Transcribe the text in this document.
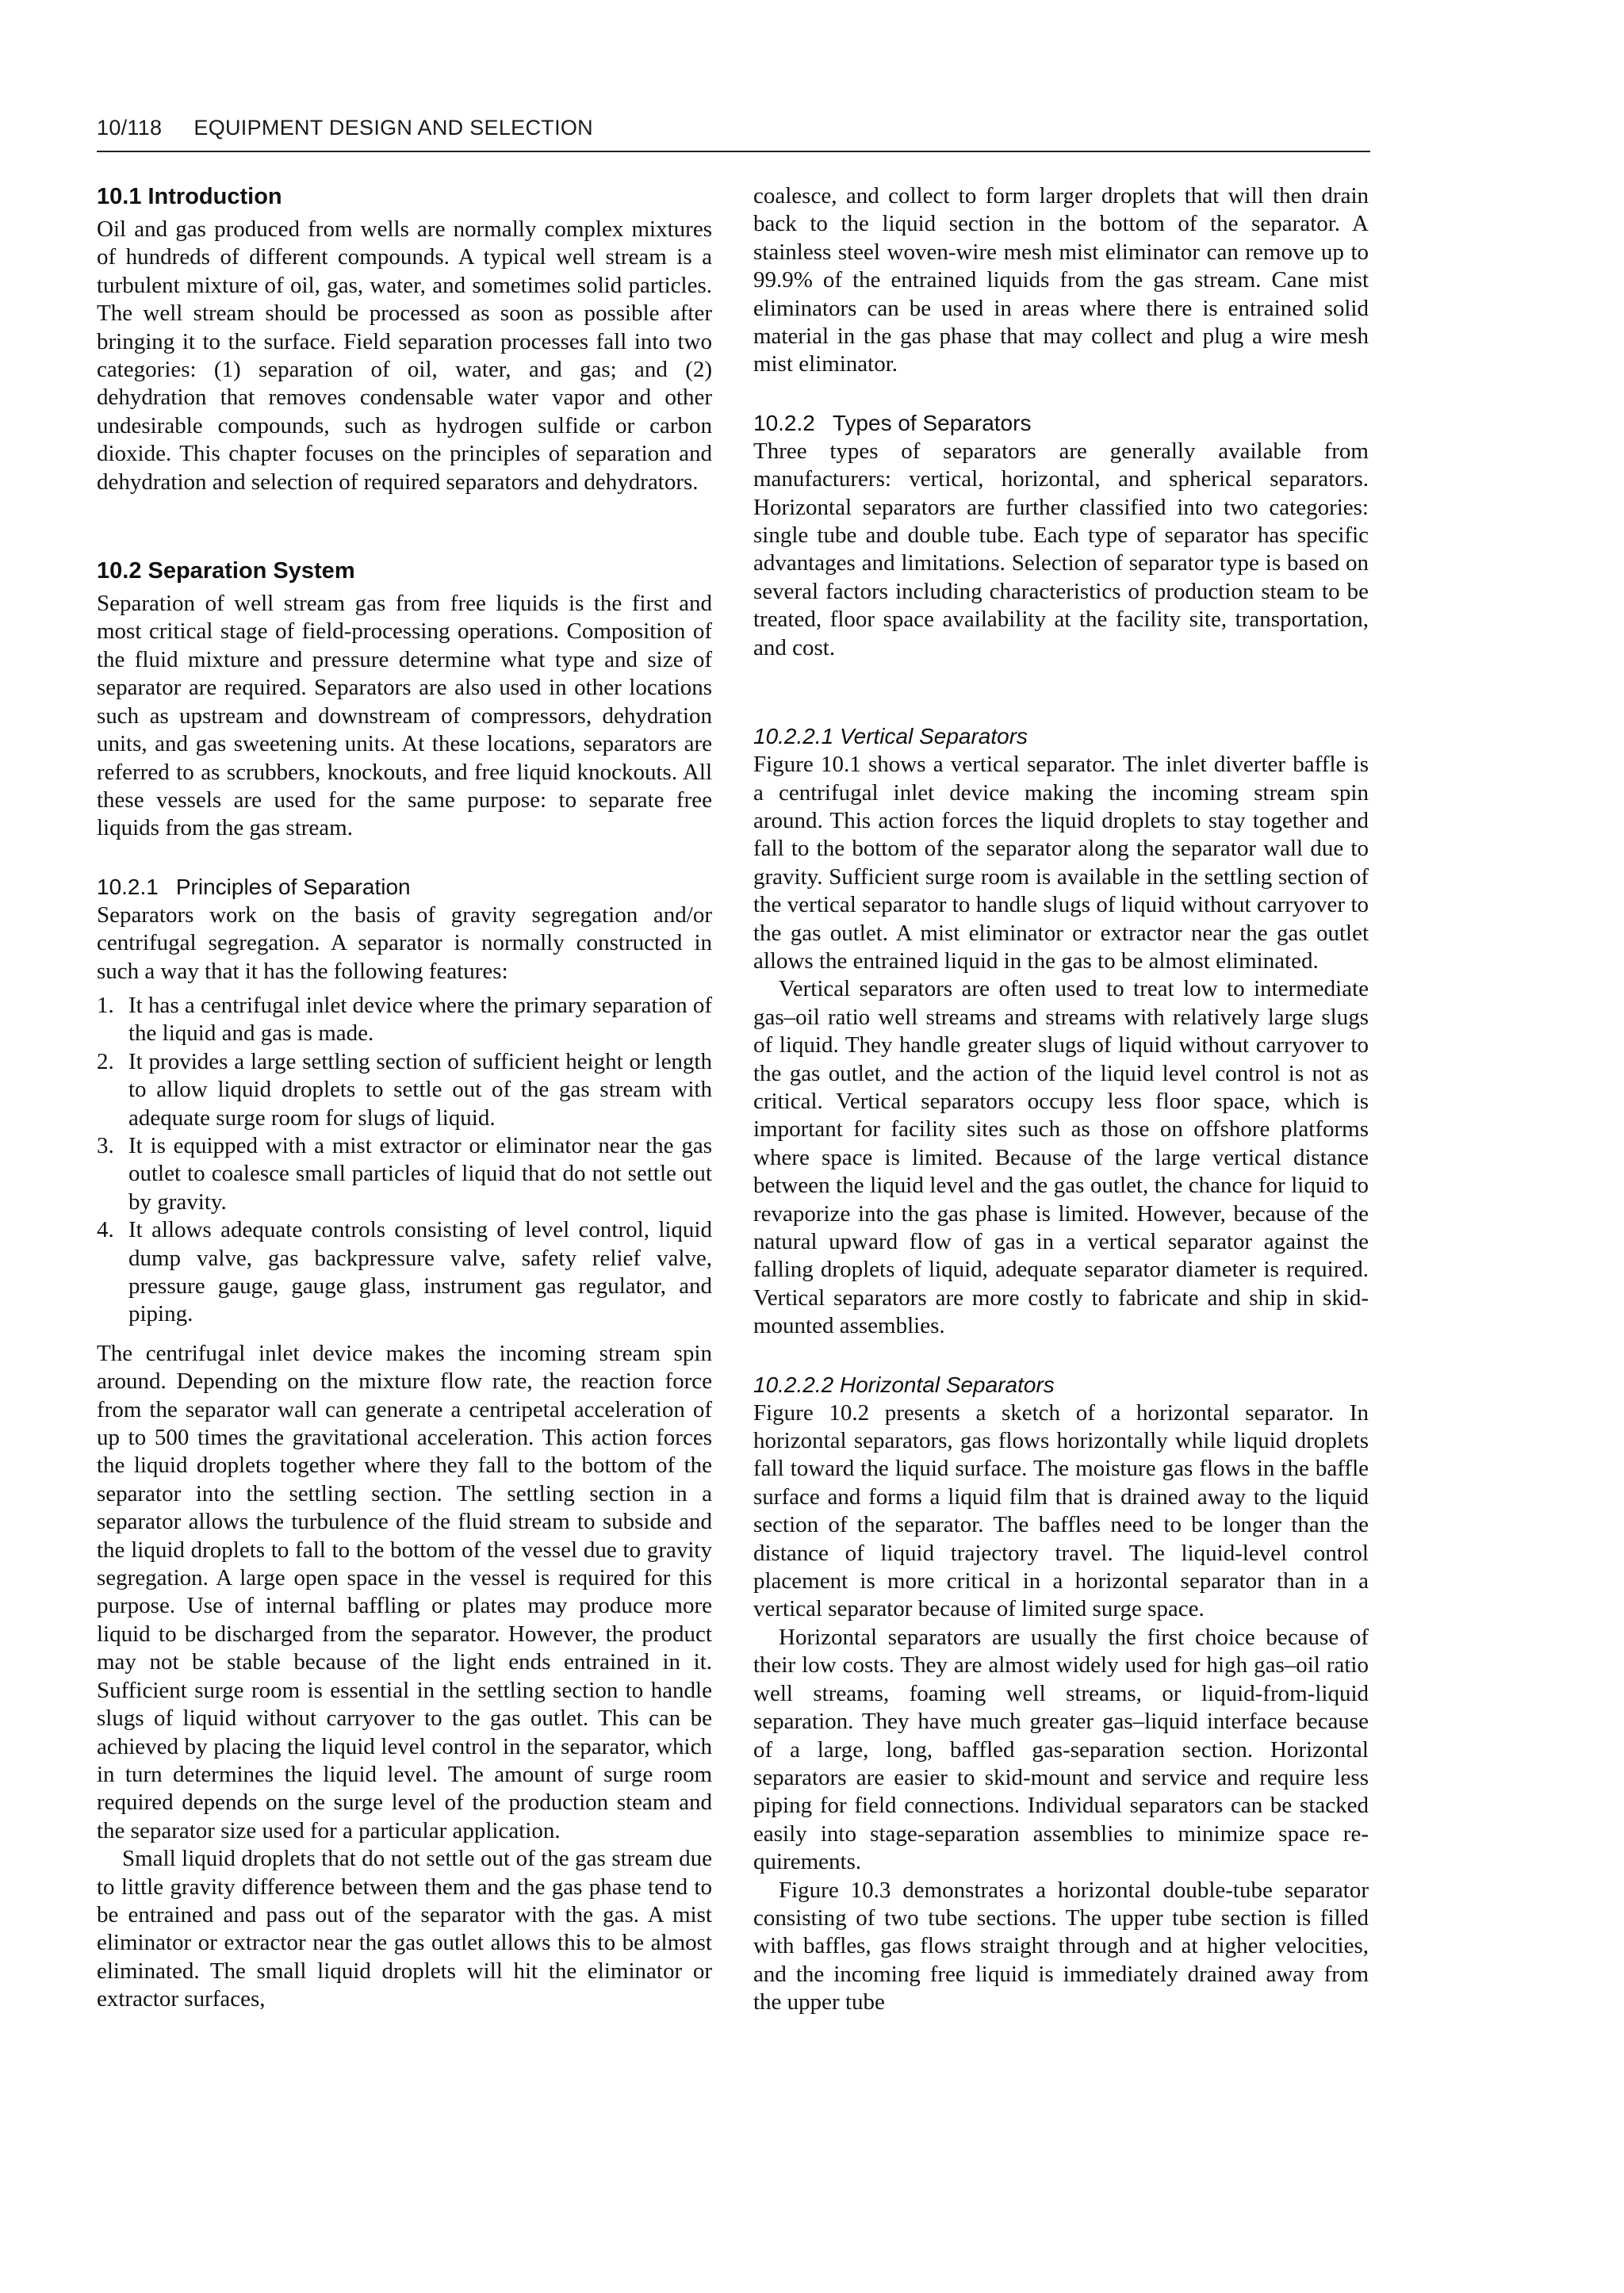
10/118 EQUIPMENT DESIGN AND SELECTION
10.1 Introduction

Oil and gas produced from wells are normally complex mixtures of hundreds of different compounds. A typical well stream is a turbulent mixture of oil, gas, water, and sometimes solid particles. The well stream should be processed as soon as possible after bringing it to the surface. Field separation processes fall into two categories: (1) separation of oil, water, and gas; and (2) dehydration that removes condensable water vapor and other undesirable compounds, such as hydrogen sulfide or carbon dioxide. This chapter focuses on the principles of separation and dehydration and selection of required separators and dehydrators.

10.2 Separation System

Separation of well stream gas from free liquids is the first and most critical stage of field-processing operations. Composition of the fluid mixture and pressure determine what type and size of separator are required. Separators are also used in other locations such as upstream and downstream of compressors, dehydration units, and gas sweetening units. At these locations, separators are referred to as scrubbers, knockouts, and free liquid knockouts. All these vessels are used for the same purpose: to separate free liquids from the gas stream.

10.2.1 Principles of Separation

Separators work on the basis of gravity segregation and/or centrifugal segregation. A separator is normally constructed in such a way that it has the following features:

1. It has a centrifugal inlet device where the primary separation of the liquid and gas is made.
2. It provides a large settling section of sufficient height or length to allow liquid droplets to settle out of the gas stream with adequate surge room for slugs of liquid.
3. It is equipped with a mist extractor or eliminator near the gas outlet to coalesce small particles of liquid that do not settle out by gravity.
4. It allows adequate controls consisting of level control, liquid dump valve, gas backpressure valve, safety relief valve, pressure gauge, gauge glass, instrument gas regulator, and piping.

The centrifugal inlet device makes the incoming stream spin around. Depending on the mixture flow rate, the reaction force from the separator wall can generate a centripetal acceleration of up to 500 times the gravitational acceleration. This action forces the liquid droplets together where they fall to the bottom of the separator into the settling section. The settling section in a separator allows the turbulence of the fluid stream to subside and the liquid droplets to fall to the bottom of the vessel due to gravity segregation. A large open space in the vessel is required for this purpose. Use of internal baffling or plates may produce more liquid to be discharged from the separator. However, the product may not be stable because of the light ends entrained in it. Sufficient surge room is essential in the settling section to handle slugs of liquid without carryover to the gas outlet. This can be achieved by placing the liquid level control in the separator, which in turn determines the liquid level. The amount of surge room required depends on the surge level of the production steam and the separator size used for a particular application.

Small liquid droplets that do not settle out of the gas stream due to little gravity difference between them and the gas phase tend to be entrained and pass out of the separator with the gas. A mist eliminator or extractor near the gas outlet allows this to be almost eliminated. The small liquid droplets will hit the eliminator or extractor surfaces,

coalesce, and collect to form larger droplets that will then drain back to the liquid section in the bottom of the separator. A stainless steel woven-wire mesh mist eliminator can remove up to 99.9% of the entrained liquids from the gas stream. Cane mist eliminators can be used in areas where there is entrained solid material in the gas phase that may collect and plug a wire mesh mist eliminator.

10.2.2 Types of Separators

Three types of separators are generally available from manufacturers: vertical, horizontal, and spherical separators. Horizontal separators are further classified into two categories: single tube and double tube. Each type of separator has specific advantages and limitations. Selection of separator type is based on several factors including characteristics of production steam to be treated, floor space availability at the facility site, transportation, and cost.

10.2.2.1 Vertical Separators

Figure 10.1 shows a vertical separator. The inlet diverter baffle is a centrifugal inlet device making the incoming stream spin around. This action forces the liquid droplets to stay together and fall to the bottom of the separator along the separator wall due to gravity. Sufficient surge room is available in the settling section of the vertical separator to handle slugs of liquid without carryover to the gas outlet. A mist eliminator or extractor near the gas outlet allows the entrained liquid in the gas to be almost eliminated.

Vertical separators are often used to treat low to intermediate gas–oil ratio well streams and streams with relatively large slugs of liquid. They handle greater slugs of liquid without carryover to the gas outlet, and the action of the liquid level control is not as critical. Vertical separators occupy less floor space, which is important for facility sites such as those on offshore platforms where space is limited. Because of the large vertical distance between the liquid level and the gas outlet, the chance for liquid to revaporize into the gas phase is limited. However, because of the natural upward flow of gas in a vertical separator against the falling droplets of liquid, adequate separator diameter is required. Vertical separators are more costly to fabricate and ship in skid-mounted assemblies.

10.2.2.2 Horizontal Separators

Figure 10.2 presents a sketch of a horizontal separator. In horizontal separators, gas flows horizontally while liquid droplets fall toward the liquid surface. The moisture gas flows in the baffle surface and forms a liquid film that is drained away to the liquid section of the separator. The baffles need to be longer than the distance of liquid trajectory travel. The liquid-level control placement is more critical in a horizontal separator than in a vertical separator because of limited surge space.

Horizontal separators are usually the first choice because of their low costs. They are almost widely used for high gas–oil ratio well streams, foaming well streams, or liquid-from-liquid separation. They have much greater gas–liquid interface because of a large, long, baffled gas-separation section. Horizontal separators are easier to skid-mount and service and require less piping for field connections. Individual separators can be stacked easily into stage-separation assemblies to minimize space requirements.

Figure 10.3 demonstrates a horizontal double-tube separator consisting of two tube sections. The upper tube section is filled with baffles, gas flows straight through and at higher velocities, and the incoming free liquid is immediately drained away from the upper tube
